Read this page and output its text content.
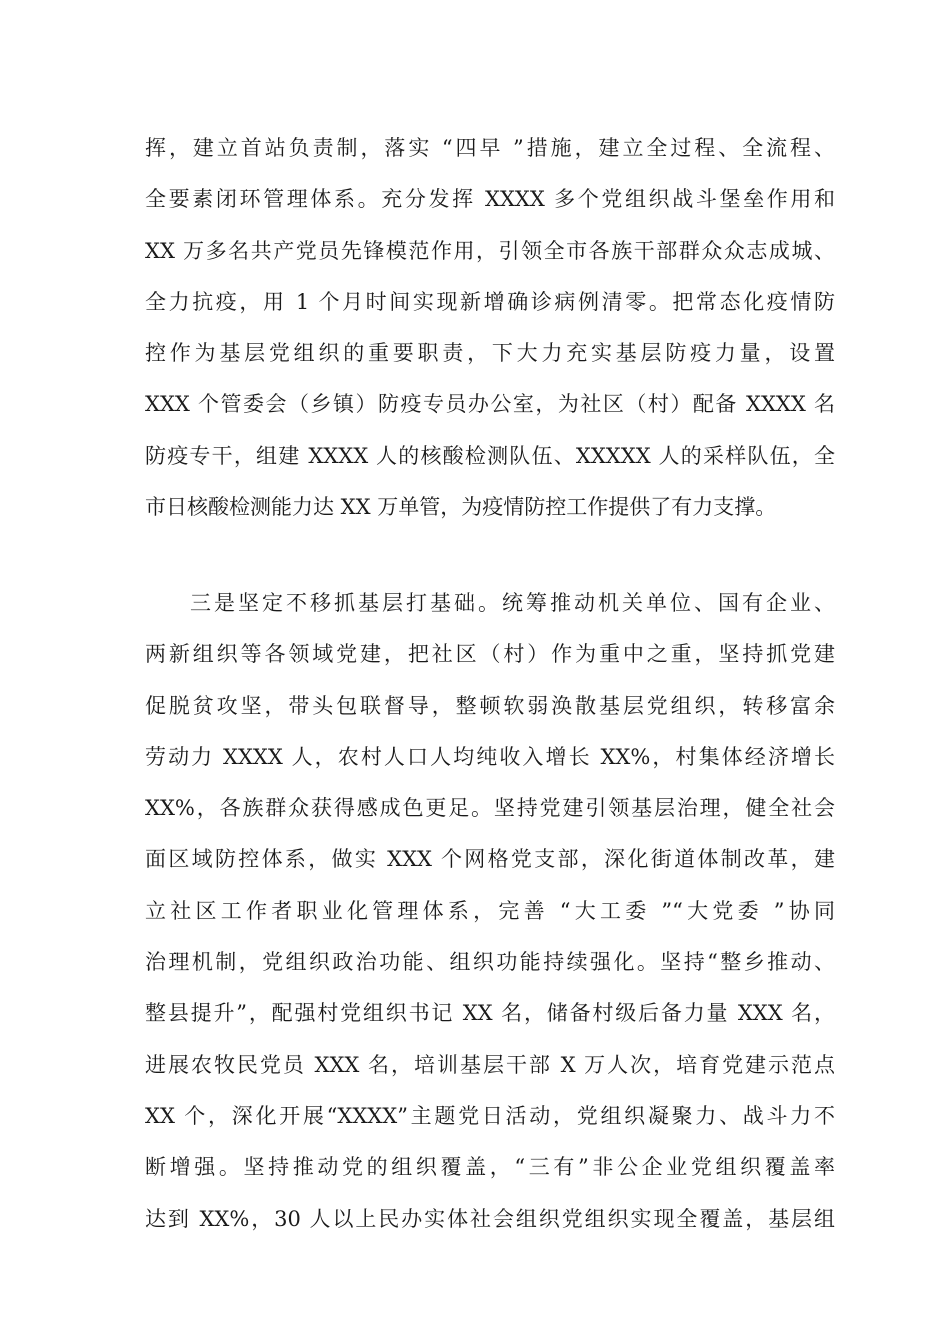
挥，建立首站负责制，落实 “四早 ”措施，建立全过程、全流程、
全要素闭环管理体系。充分发挥 XXXX 多个党组织战斗堡垒作用和
XX 万多名共产党员先锋模范作用，引领全市各族干部群众众志成城、
全力抗疫，用 1 个月时间实现新增确诊病例清零。把常态化疫情防
控作为基层党组织的重要职责，下大力充实基层防疫力量，设置
XXX 个管委会（乡镇）防疫专员办公室，为社区（村）配备 XXXX 名
防疫专干，组建 XXXX 人的核酸检测队伍、XXXXX 人的采样队伍，全
市日核酸检测能力达 XX 万单管，为疫情防控工作提供了有力支撑。
三是坚定不移抓基层打基础。统筹推动机关单位、国有企业、
两新组织等各领域党建，把社区（村）作为重中之重，坚持抓党建
促脱贫攻坚，带头包联督导，整顿软弱涣散基层党组织，转移富余
劳动力 XXXX 人，农村人口人均纯收入增长 XX%，村集体经济增长
XX%，各族群众获得感成色更足。坚持党建引领基层治理，健全社会
面区域防控体系，做实 XXX 个网格党支部，深化街道体制改革，建
立社区工作者职业化管理体系，完善 “大工委 ”“大党委 ”协同
治理机制，党组织政治功能、组织功能持续强化。坚持“整乡推动、
整县提升”，配强村党组织书记 XX 名，储备村级后备力量 XXX 名，
进展农牧民党员 XXX 名，培训基层干部 X 万人次，培育党建示范点
XX 个，深化开展“XXXX”主题党日活动，党组织凝聚力、战斗力不
断增强。坚持推动党的组织覆盖，“三有”非公企业党组织覆盖率
达到 XX%，30 人以上民办实体社会组织党组织实现全覆盖，基层组
